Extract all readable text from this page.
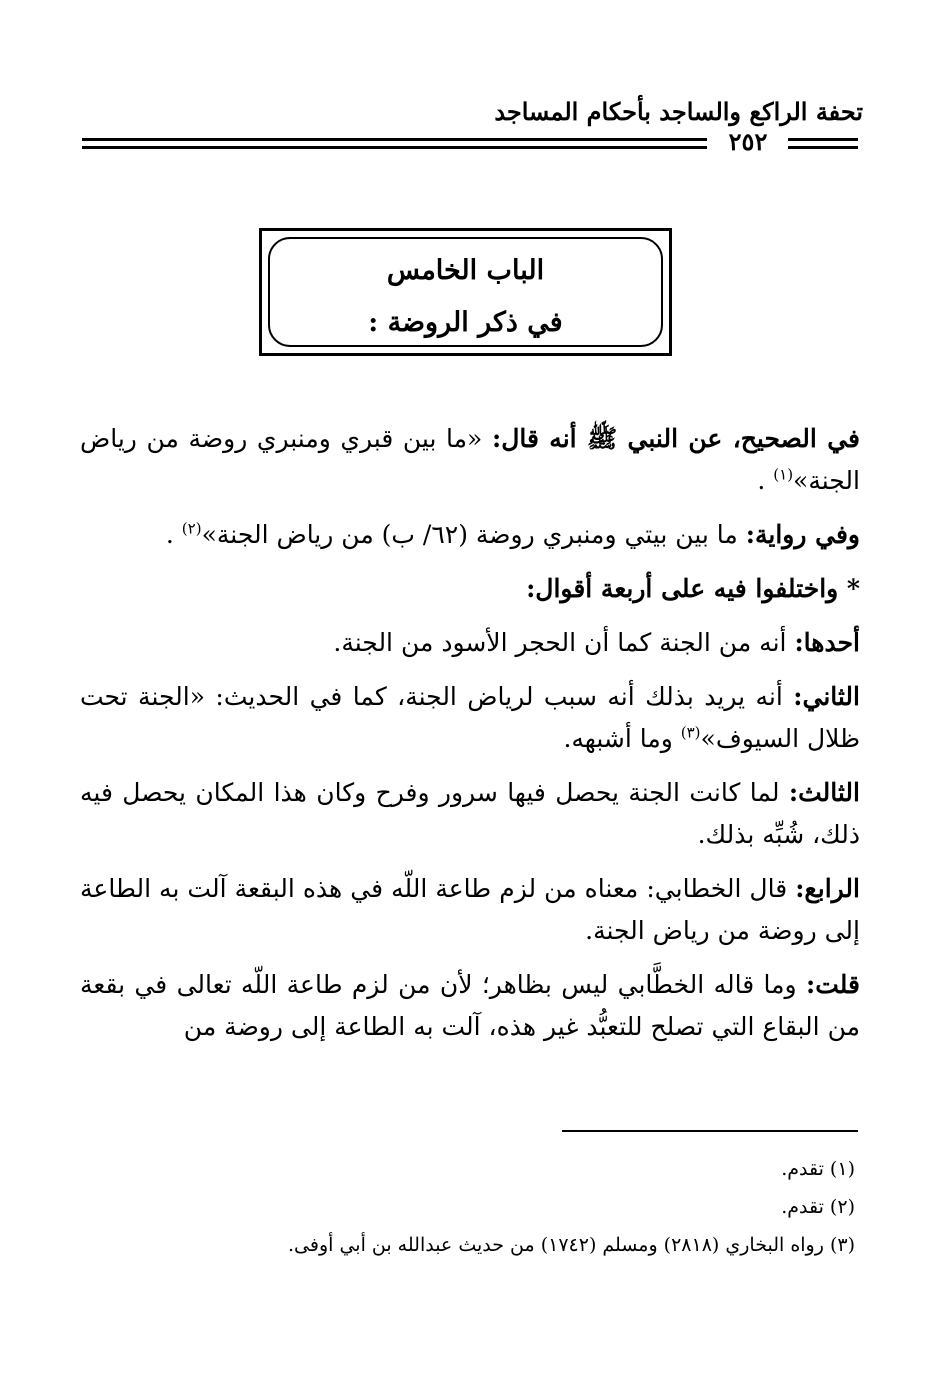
تحفة الراكع والساجد بأحكام المساجد
٢٥٢
الباب الخامس
في ذكر الروضة :

في الصحيح، عن النبي ﷺ أنه قال: «ما بين قبري ومنبري روضة من رياض الجنة»$^{(١)}$ .

وفي رواية: ما بين بيتي ومنبري روضة (٦٢/ ب) من رياض الجنة»$^{(٢)}$ .

* واختلفوا فيه على أربعة أقوال:

أحدها: أنه من الجنة كما أن الحجر الأسود من الجنة.

الثاني: أنه يريد بذلك أنه سبب لرياض الجنة، كما في الحديث: «الجنة تحت ظلال السيوف»$^{(٣)}$ وما أشبهه.

الثالث: لما كانت الجنة يحصل فيها سرور وفرح وكان هذا المكان يحصل فيه ذلك، شُبِّه بذلك.

الرابع: قال الخطابي: معناه من لزم طاعة اللّه في هذه البقعة آلت به الطاعة إلى روضة من رياض الجنة.

قلت: وما قاله الخطَّابي ليس بظاهر؛ لأن من لزم طاعة اللّه تعالى في بقعة من البقاع التي تصلح للتعبُّد غير هذه، آلت به الطاعة إلى روضة من

(١) تقدم.

(٢) تقدم.

(٣) رواه البخاري (٢٨١٨) ومسلم (١٧٤٢) من حديث عبدالله بن أبي أوفى.
